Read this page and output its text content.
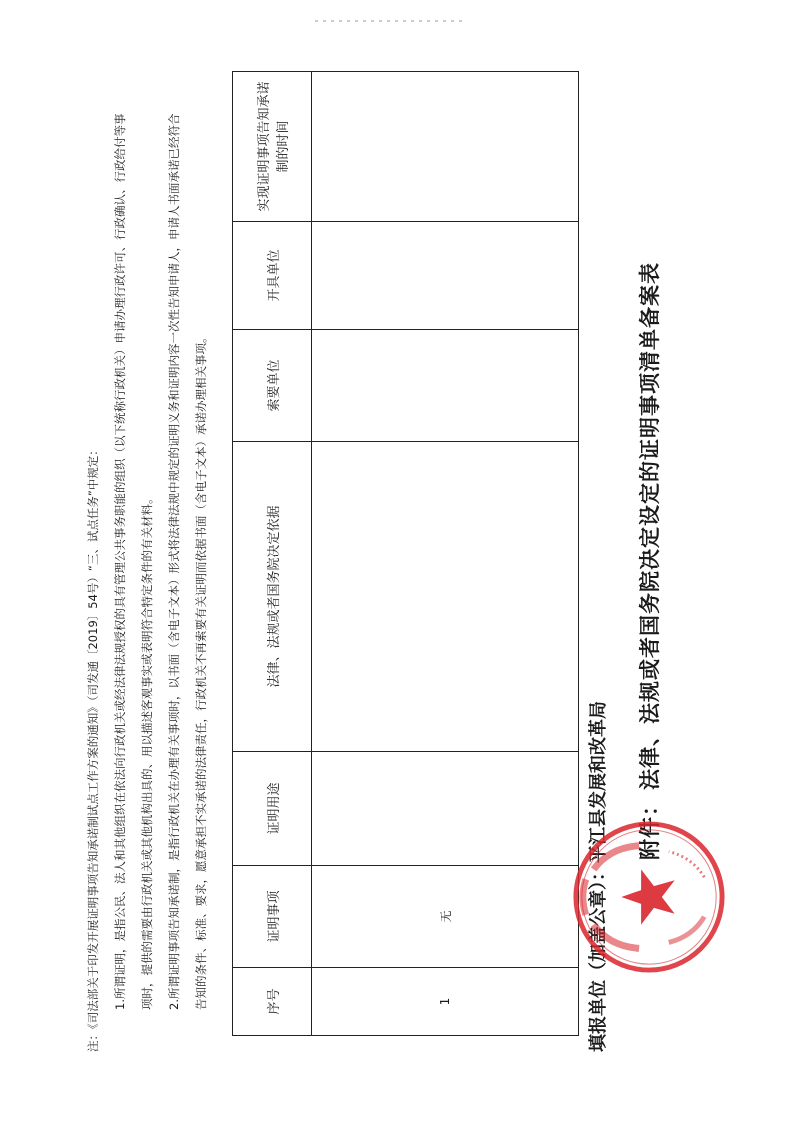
附件：法律、法规或者国务院决定设定的证明事项清单备案表
填报单位（加盖公章）：平江县发展和改革局
序号	证明事项	证明用途	法律、法规或者国务院决定依据	索要单位	开具单位	实现证明事项告知承诺制的时间
1	无					

注：《司法部关于印发开展证明事项告知承诺制试点工作方案的通知》（司发通〔2019〕54号）“三、试点任务”中规定：	1.所谓证明，是指公民、法人和其他组织在依法向行政机关或经法律法规授权的具有管理公共事务职能的组织（以下统称行政机关）申请办理行政许可、行政确认、行政给付等事	项时，提供的需要由行政机关或其他机构出具的、用以描述客观事实或表明符合特定条件的有关材料。	2.所谓证明事项告知承诺制，是指行政机关在办理有关事项时，以书面（含电子文本）形式将法律法规中规定的证明义务和证明内容一次性告知申请人，申请人书面承诺已经符合	告知的条件、标准、要求，愿意承担不实承诺的法律责任，行政机关不再索要有关证明而依据书面（含电子文本）承诺办理相关事项。
